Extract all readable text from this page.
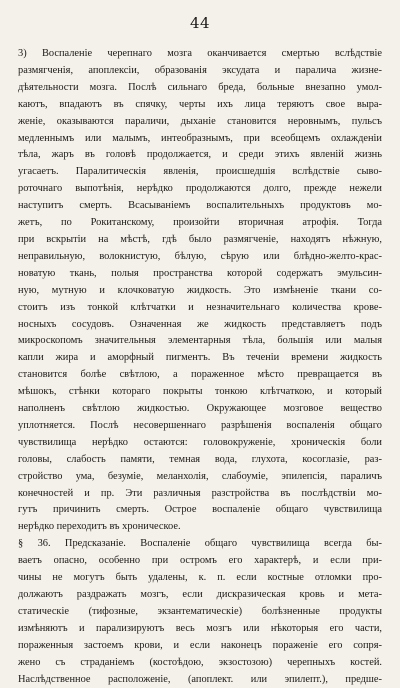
44
3) Воспаленіе черепнаго мозга оканчивается смертью вслѣдствіе
размягченія, апоплексіи, образованія эксудата и паралича жизне-
дѣятельности мозга. Послѣ сильнаго бреда, больные внезапно умол-
каютъ, впадаютъ въ спячку, черты ихъ лица теряютъ свое выра-
женіе, оказываются параличи, дыханіе становится неровнымъ, пульсъ
медленнымъ или малымъ, интеобразнымъ, при всеобщемъ охлажденіи
тѣла, жаръ въ головѣ продолжается, и среди этихъ явленій жизнь
угасаетъ. Паралитическія явленія, происшедшія вслѣдствіе сыво-
роточнаго выпотѣнія, нерѣдко продолжаются долго, прежде нежели
наступитъ смерть. Всасываніемъ воспалительныхъ продуктовъ мо-
жетъ, по Рокитанскому, произойти вторичная атрофія. Тогда
при вскрытіи на мѣстѣ, гдѣ было размягченіе, находятъ нѣжную,
неправильную, волокнистую, бѣлую, сѣрую или блѣдно-желто-крас-
новатую ткань, полыя пространства которой содержатъ эмульсин-
ную, мутную и клочковатую жидкость. Это измѣненіе ткани со-
стоитъ изъ тонкой клѣтчатки и незначительнаго количества крове-
носныхъ сосудовъ. Означенная же жидкость представляетъ подъ
микроскопомъ значительныя элементарныя тѣла, большія или малыя
капли жира и аморфный пигментъ. Въ теченіи времени жидкость
становится болѣе свѣтлою, а пораженное мѣсто превращается въ
мѣшокъ, стѣнки котораго покрыты тонкою клѣтчаткою, и который
наполненъ свѣтлою жидкостью. Окружающее мозговое вещество
уплотняется. Послѣ несовершеннаго разрѣшенія воспаленія общаго
чувствилища нерѣдко остаются: головокруженіе, хроническія боли
головы, слабость памяти, темная вода, глухота, косоглазіе, раз-
стройство ума, безуміе, меланхолія, слабоуміе, эпилепсія, параличъ
конечностей и пр. Эти различныя разстройства въ послѣдствіи мо-
гутъ причинить смерть. Острое воспаленіе общаго чувствилища
нерѣдко переходитъ въ хроническое.
§ 36. Предсказаніе. Воспаленіе общаго чувствилища всегда бы-
ваетъ опасно, особенно при остромъ его характерѣ, и если при-
чины не могутъ быть удалены, к. п. если костные отломки про-
должаютъ раздражать мозгъ, если дискразическая кровь и мета-
статическіе (тифозные, экзантематическіе) болѣзненные продукты
измѣняютъ и парализируютъ весь мозгъ или нѣкоторыя его части,
пораженныя застоемъ крови, и если наконецъ пораженіе его сопря-
жено съ страданіемъ (костоѣдою, экзостозою) черепныхъ костей.
Наслѣдственное расположеніе, (апоплект. или эпилепт.), предше-
